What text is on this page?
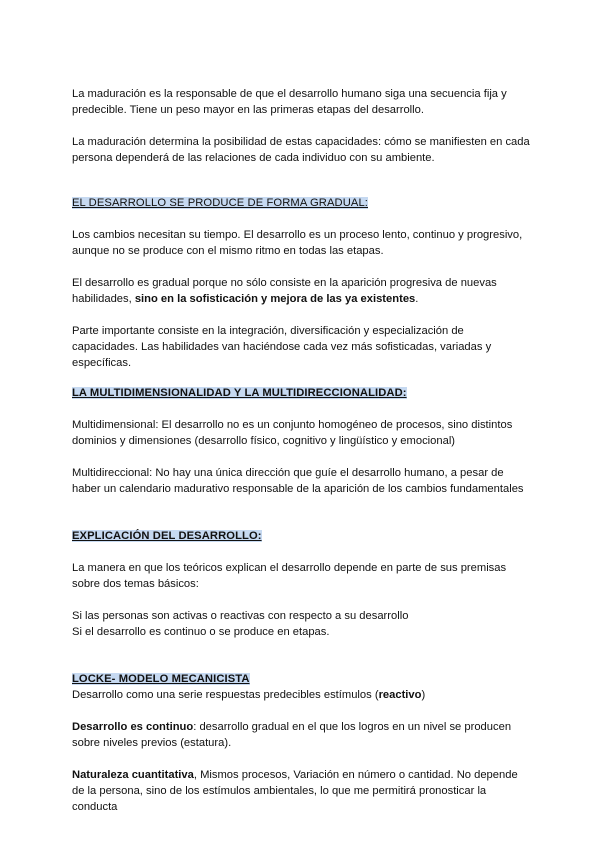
La maduración es la responsable de que el desarrollo humano siga una secuencia fija y predecible. Tiene un peso mayor en las primeras etapas del desarrollo.

La maduración determina la posibilidad de estas capacidades: cómo se manifiesten en cada persona dependerá de las relaciones de cada individuo con su ambiente.

EL DESARROLLO SE PRODUCE DE FORMA GRADUAL:

Los cambios necesitan su tiempo. El desarrollo es un proceso lento, continuo y progresivo, aunque no se produce con el mismo ritmo en todas las etapas.

El desarrollo es gradual porque no sólo consiste en la aparición progresiva de nuevas habilidades, sino en la sofisticación y mejora de las ya existentes.

Parte importante consiste en la integración, diversificación y especialización de capacidades. Las habilidades van haciéndose cada vez más sofisticadas, variadas y específicas.

LA MULTIDIMENSIONALIDAD Y LA MULTIDIRECCIONALIDAD:

Multidimensional: El desarrollo no es un conjunto homogéneo de procesos, sino distintos dominios y dimensiones (desarrollo físico, cognitivo y lingüístico y emocional)

Multidireccional: No hay una única dirección que guíe el desarrollo humano, a pesar de haber un calendario madurativo responsable de la aparición de los cambios fundamentales

EXPLICACIÓN DEL DESARROLLO:

La manera en que los teóricos explican el desarrollo depende en parte de sus premisas sobre dos temas básicos:

Si las personas son activas o reactivas con respecto a su desarrollo
Si el desarrollo es continuo o se produce en etapas.

LOCKE- MODELO MECANICISTA

Desarrollo como una serie respuestas predecibles estímulos (reactivo)

Desarrollo es continuo: desarrollo gradual en el que los logros en un nivel se producen sobre niveles previos (estatura).

Naturaleza cuantitativa, Mismos procesos, Variación en número o cantidad. No depende de la persona, sino de los estímulos ambientales, lo que me permitirá pronosticar la conducta
